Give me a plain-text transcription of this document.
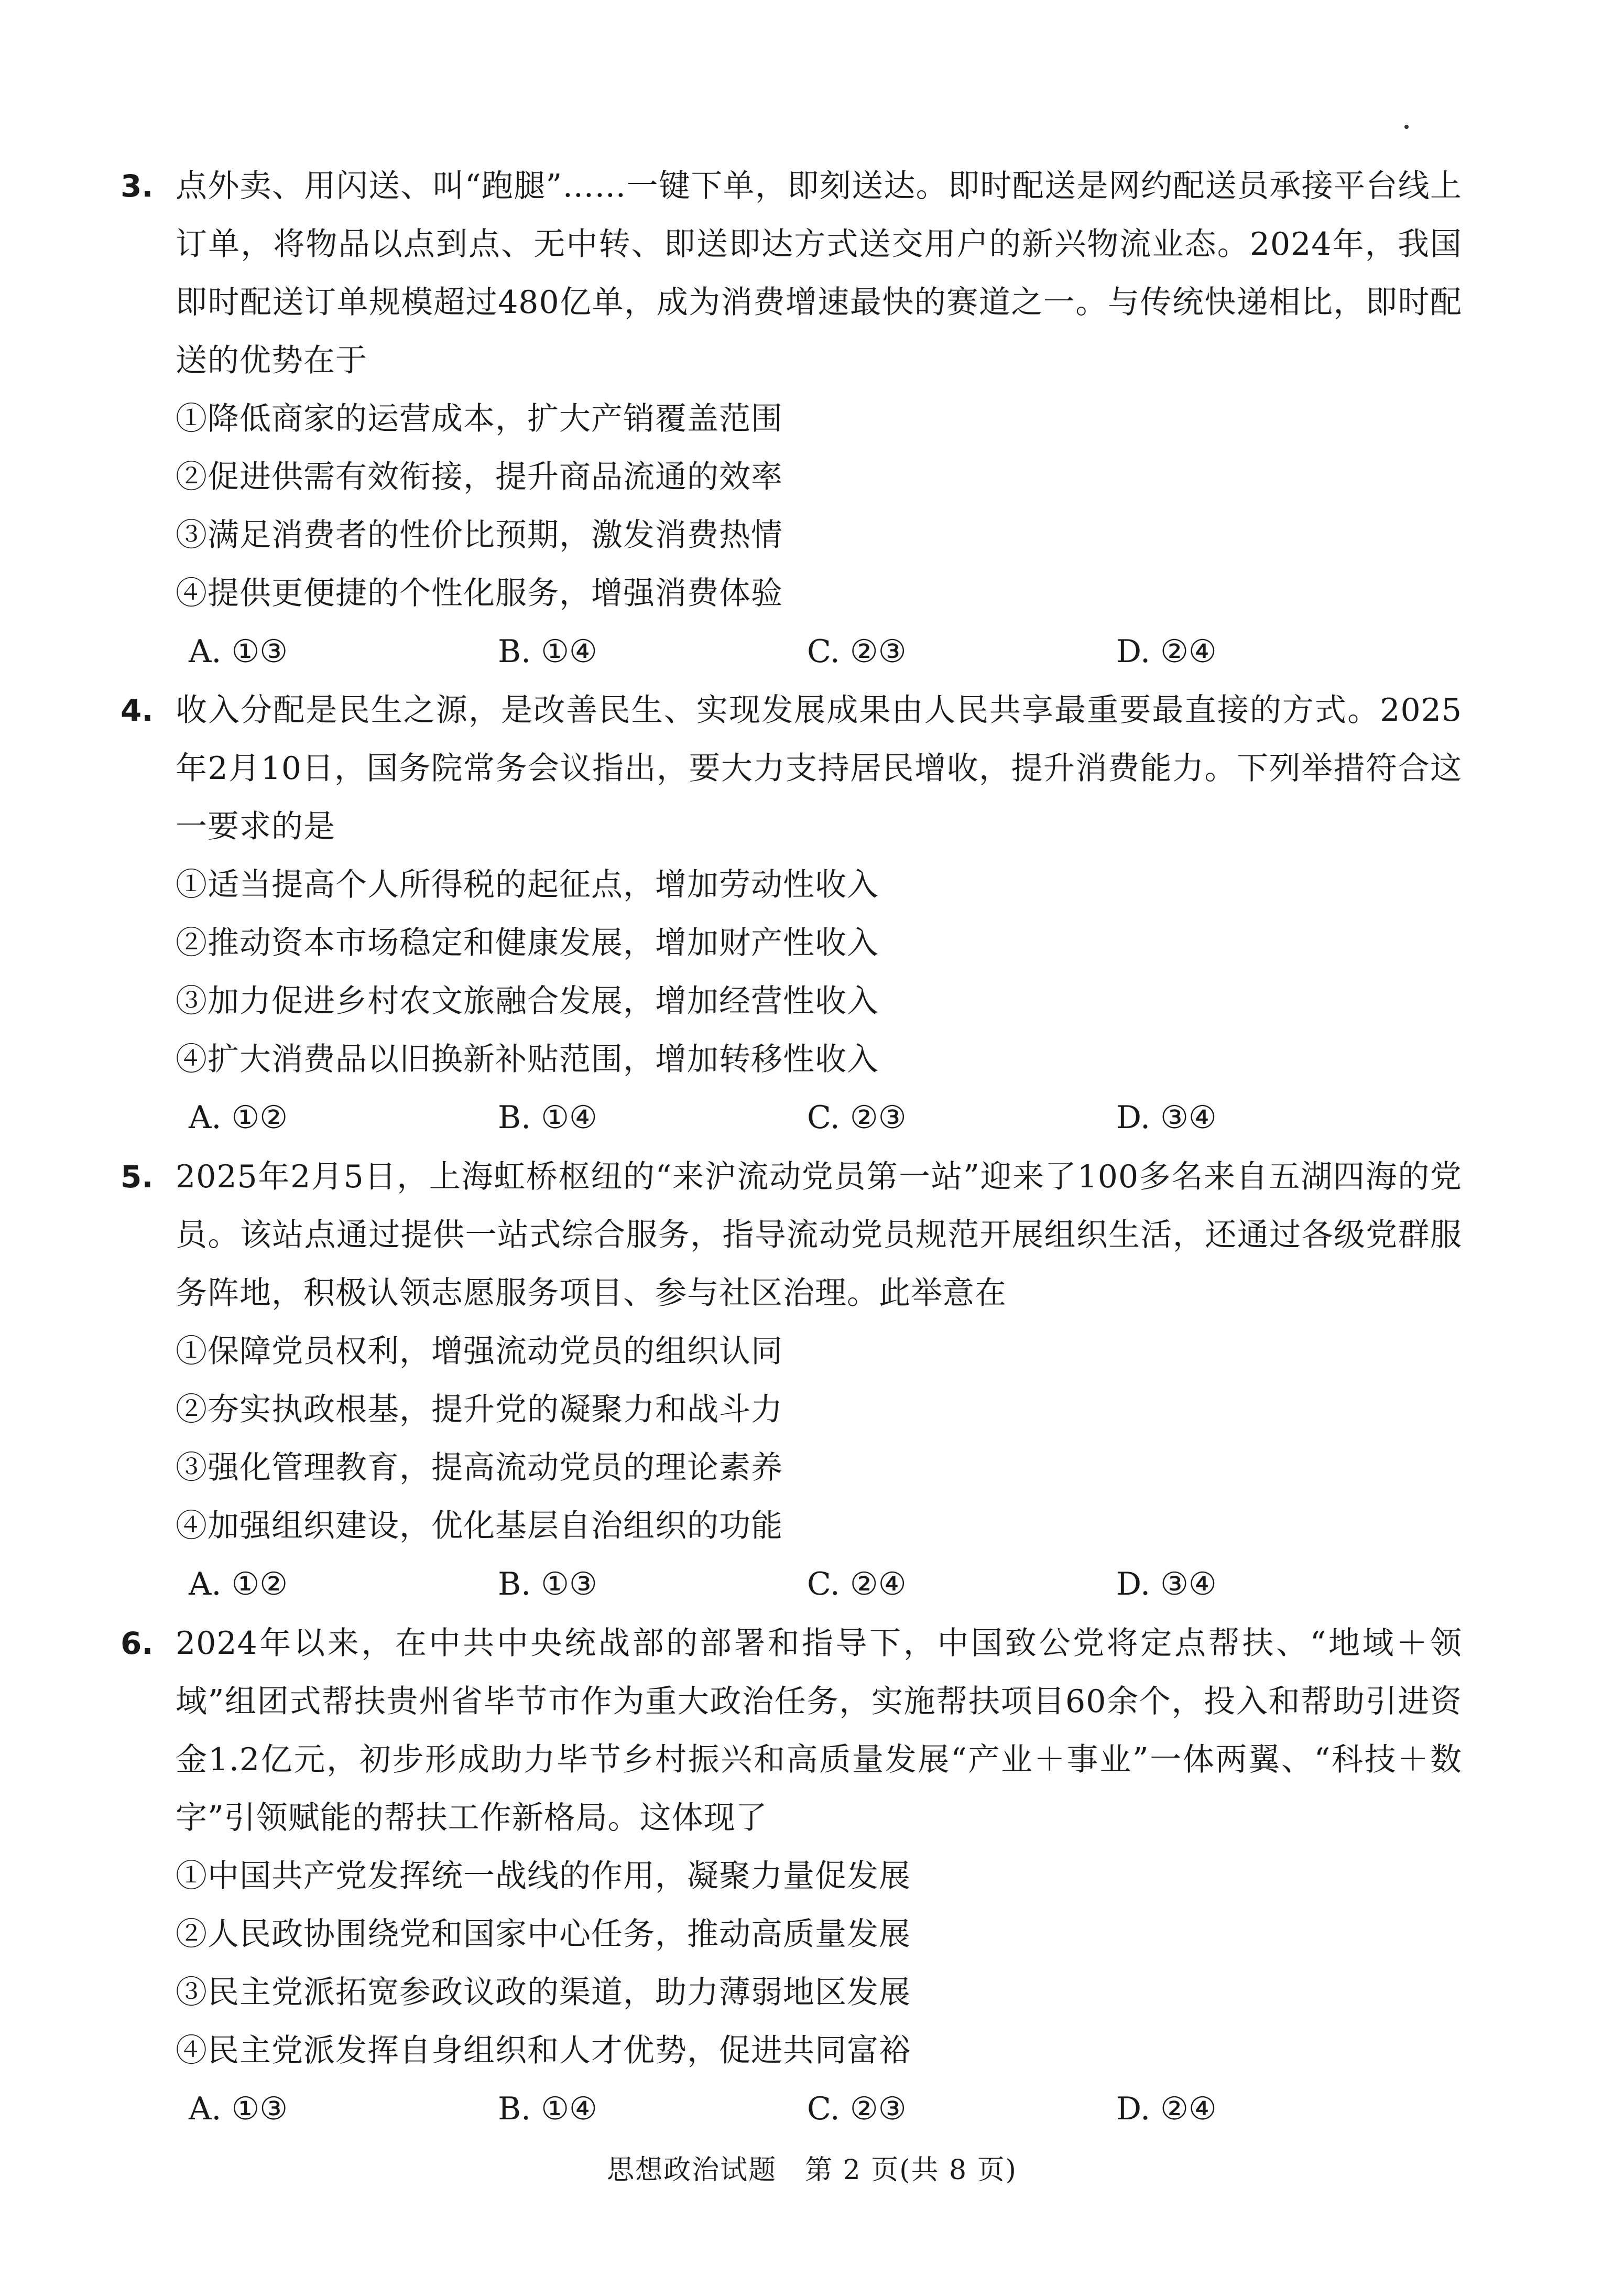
3. 点外卖、用闪送、叫“跑腿”……一键下单，即刻送达。即时配送是网约配送员承接平台线上订单，将物品以点到点、无中转、即送即达方式送交用户的新兴物流业态。2024年，我国即时配送订单规模超过480亿单，成为消费增速最快的赛道之一。与传统快递相比，即时配送的优势在于
①降低商家的运营成本，扩大产销覆盖范围
②促进供需有效衔接，提升商品流通的效率
③满足消费者的性价比预期，激发消费热情
④提供更便捷的个性化服务，增强消费体验
A. ①③	B. ①④	C. ②③	D. ②④
4. 收入分配是民生之源，是改善民生、实现发展成果由人民共享最重要最直接的方式。2025年2月10日，国务院常务会议指出，要大力支持居民增收，提升消费能力。下列举措符合这一要求的是
①适当提高个人所得税的起征点，增加劳动性收入
②推动资本市场稳定和健康发展，增加财产性收入
③加力促进乡村农文旅融合发展，增加经营性收入
④扩大消费品以旧换新补贴范围，增加转移性收入
A. ①②	B. ①④	C. ②③	D. ③④
5. 2025年2月5日，上海虹桥枢纽的“来沪流动党员第一站”迎来了100多名来自五湖四海的党员。该站点通过提供一站式综合服务，指导流动党员规范开展组织生活，还通过各级党群服务阵地，积极认领志愿服务项目、参与社区治理。此举意在
①保障党员权利，增强流动党员的组织认同
②夯实执政根基，提升党的凝聚力和战斗力
③强化管理教育，提高流动党员的理论素养
④加强组织建设，优化基层自治组织的功能
A. ①②	B. ①③	C. ②④	D. ③④
6. 2024年以来，在中共中央统战部的部署和指导下，中国致公党将定点帮扶、“地域＋领域”组团式帮扶贵州省毕节市作为重大政治任务，实施帮扶项目60余个，投入和帮助引进资金1.2亿元，初步形成助力毕节乡村振兴和高质量发展“产业＋事业”一体两翼、“科技＋数字”引领赋能的帮扶工作新格局。这体现了
①中国共产党发挥统一战线的作用，凝聚力量促发展
②人民政协围绕党和国家中心任务，推动高质量发展
③民主党派拓宽参政议政的渠道，助力薄弱地区发展
④民主党派发挥自身组织和人才优势，促进共同富裕
A. ①③	B. ①④	C. ②③	D. ②④
思想政治试题　第 2 页(共 8 页)
